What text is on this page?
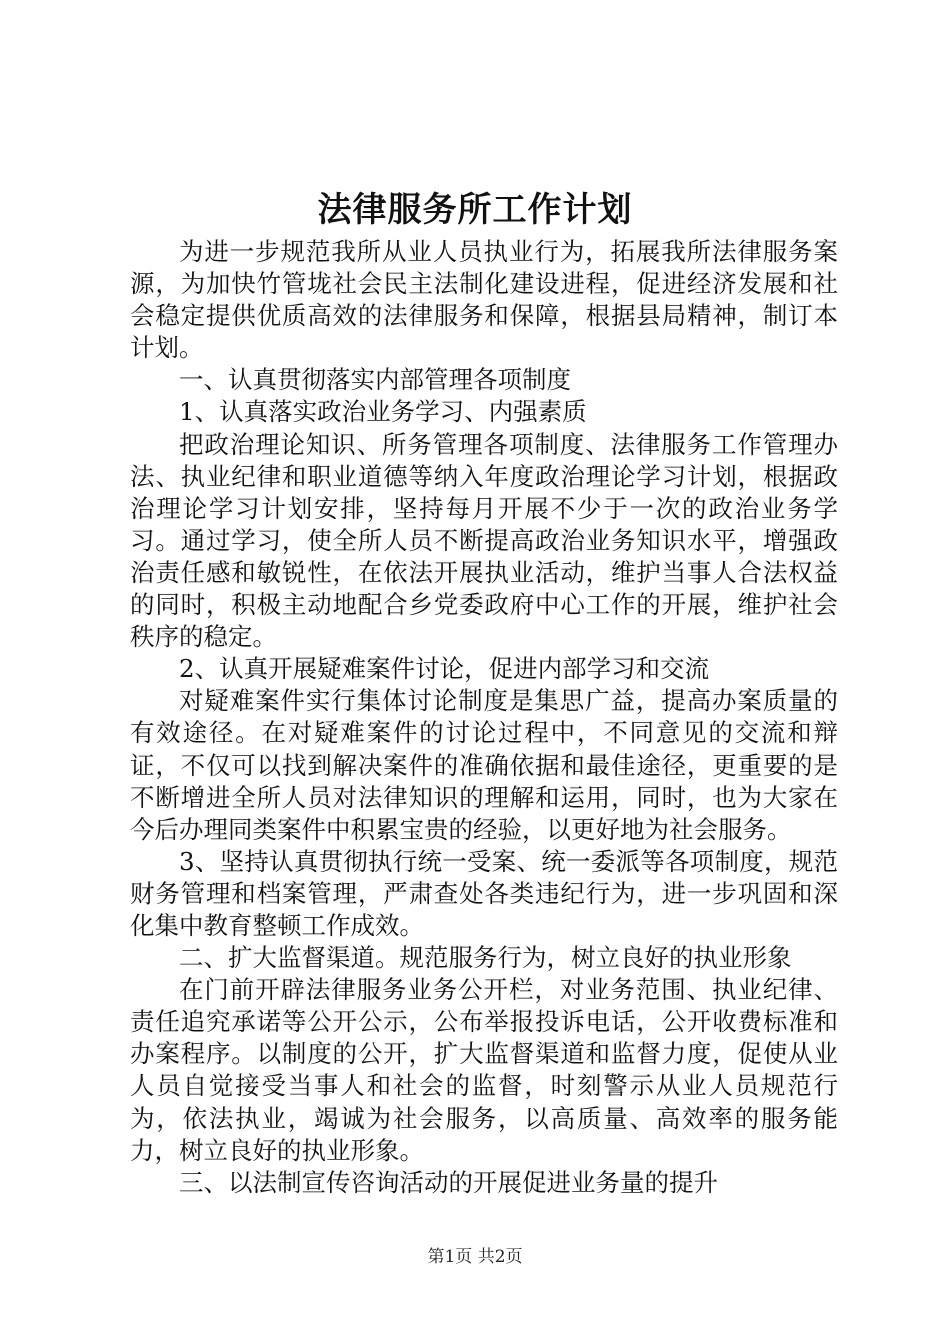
法律服务所工作计划

为进一步规范我所从业人员执业行为，拓展我所法律服务案源，为加快竹管垅社会民主法制化建设进程，促进经济发展和社会稳定提供优质高效的法律服务和保障，根据县局精神，制订本计划。

一、认真贯彻落实内部管理各项制度

1、认真落实政治业务学习、内强素质

把政治理论知识、所务管理各项制度、法律服务工作管理办法、执业纪律和职业道德等纳入年度政治理论学习计划，根据政治理论学习计划安排，坚持每月开展不少于一次的政治业务学习。通过学习，使全所人员不断提高政治业务知识水平，增强政治责任感和敏锐性，在依法开展执业活动，维护当事人合法权益的同时，积极主动地配合乡党委政府中心工作的开展，维护社会秩序的稳定。

2、认真开展疑难案件讨论，促进内部学习和交流

对疑难案件实行集体讨论制度是集思广益，提高办案质量的有效途径。在对疑难案件的讨论过程中，不同意见的交流和辩证，不仅可以找到解决案件的准确依据和最佳途径，更重要的是不断增进全所人员对法律知识的理解和运用，同时，也为大家在今后办理同类案件中积累宝贵的经验，以更好地为社会服务。

3、坚持认真贯彻执行统一受案、统一委派等各项制度，规范财务管理和档案管理，严肃查处各类违纪行为，进一步巩固和深化集中教育整顿工作成效。

二、扩大监督渠道。规范服务行为，树立良好的执业形象

在门前开辟法律服务业务公开栏，对业务范围、执业纪律、责任追究承诺等公开公示，公布举报投诉电话，公开收费标准和办案程序。以制度的公开，扩大监督渠道和监督力度，促使从业人员自觉接受当事人和社会的监督，时刻警示从业人员规范行为，依法执业，竭诚为社会服务，以高质量、高效率的服务能力，树立良好的执业形象。

三、以法制宣传咨询活动的开展促进业务量的提升

第1页 共2页
